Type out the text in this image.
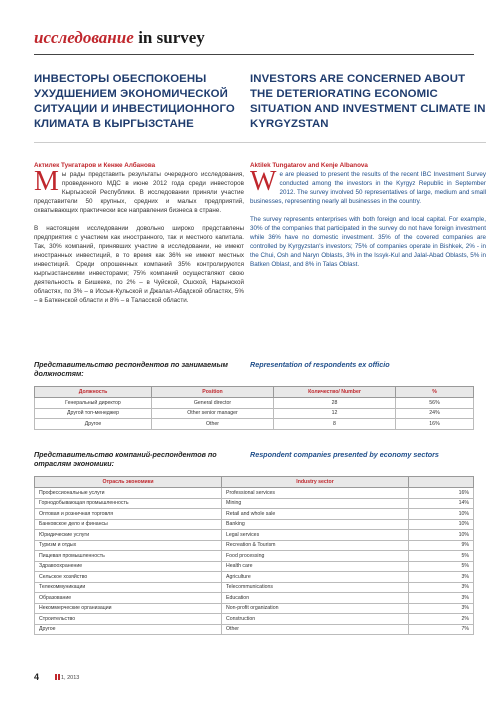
исследование in survey
ИНВЕСТОРЫ ОБЕСПОКОЕНЫ УХУДШЕНИЕМ ЭКОНОМИЧЕСКОЙ СИТУАЦИИ И ИНВЕСТИЦИОННОГО КЛИМАТА В КЫРГЫЗСТАНЕ
INVESTORS ARE CONCERNED ABOUT THE DETERIORATING ECONOMIC SITUATION AND INVESTMENT CLIMATE IN KYRGYZSTAN
Актилек Тунгатаров и Кенже Албанова	Aktilek Tungatarov and Kenje Albanova

Мы рады представить результаты очередного исследования, проведенного МДС в июне 2012 года среди инвесторов Кыргызской Республики. В исследовании приняли участие представители 50 крупных, средних и малых предприятий, охватывающих практически все направления бизнеса в стране.

В настоящем исследовании довольно широко представлены предприятия с участием как иностранного, так и местного капитала. Так, 30% компаний, принявших участие в исследовании, не имеют иностранных инвестиций, в то время как 36% не имеют местных инвестиций. Среди опрошенных компаний 35% контролируются кыргызстанскими инвесторами; 75% компаний осуществляют свою деятельность в Бишкеке, по 2% – в Чуйской, Ошской, Нарынской областях, по 3% – в Иссык-Кульской и Джалал-Абадской областях, 5% – в Баткенской области и 8% – в Таласской области.

We are pleased to present the results of the recent IBC Investment Survey conducted among the investors in the Kyrgyz Republic in September 2012. The survey involved 50 representatives of large, medium and small businesses, representing nearly all businesses in the country.

The survey represents enterprises with both foreign and local capital. For example, 30% of the companies that participated in the survey do not have foreign investment while 36% have no domestic investment. 35% of the covered companies are controlled by Kyrgyzstan's investors; 75% of companies operate in Bishkek, 2% - in the Chui, Osh and Naryn Oblasts, 3% in the Issyk-Kul and Jalal-Abad Oblasts, 5% in Batken Oblast, and 8% in Talas Oblast.

Представительство респондентов по занимаемым должностям:
Representation of respondents ex officio
Должность	Position	Количество/ Number	%
Генеральный директор	General director	28	56%
Другой топ-менеджер	Other senior manager	12	24%
Другое	Other	8	16%
Представительство компаний-респондентов по отраслям экономики:
Respondent companies presented by economy sectors
Отрасль экономики	Industry sector	
Профессиональные услуги	Professional services	16%
Горнодобывающая промышленность	Mining	14%
Оптовая и розничная торговля	Retail and whole sale	10%
Банковское дело и финансы	Banking	10%
Юридические услуги	Legal services	10%
Туризм и отдых	Recreation & Tourism	9%
Пищевая промышленность	Food processing	5%
Здравоохранение	Health care	5%
Сельское хозяйство	Agriculture	3%
Телекоммуникации	Telecommunications	3%
Образование	Education	3%
Некоммерческие организации	Non-profit organization	3%
Строительство	Construction	2%
Другое	Other	7%
4	1, 2013
